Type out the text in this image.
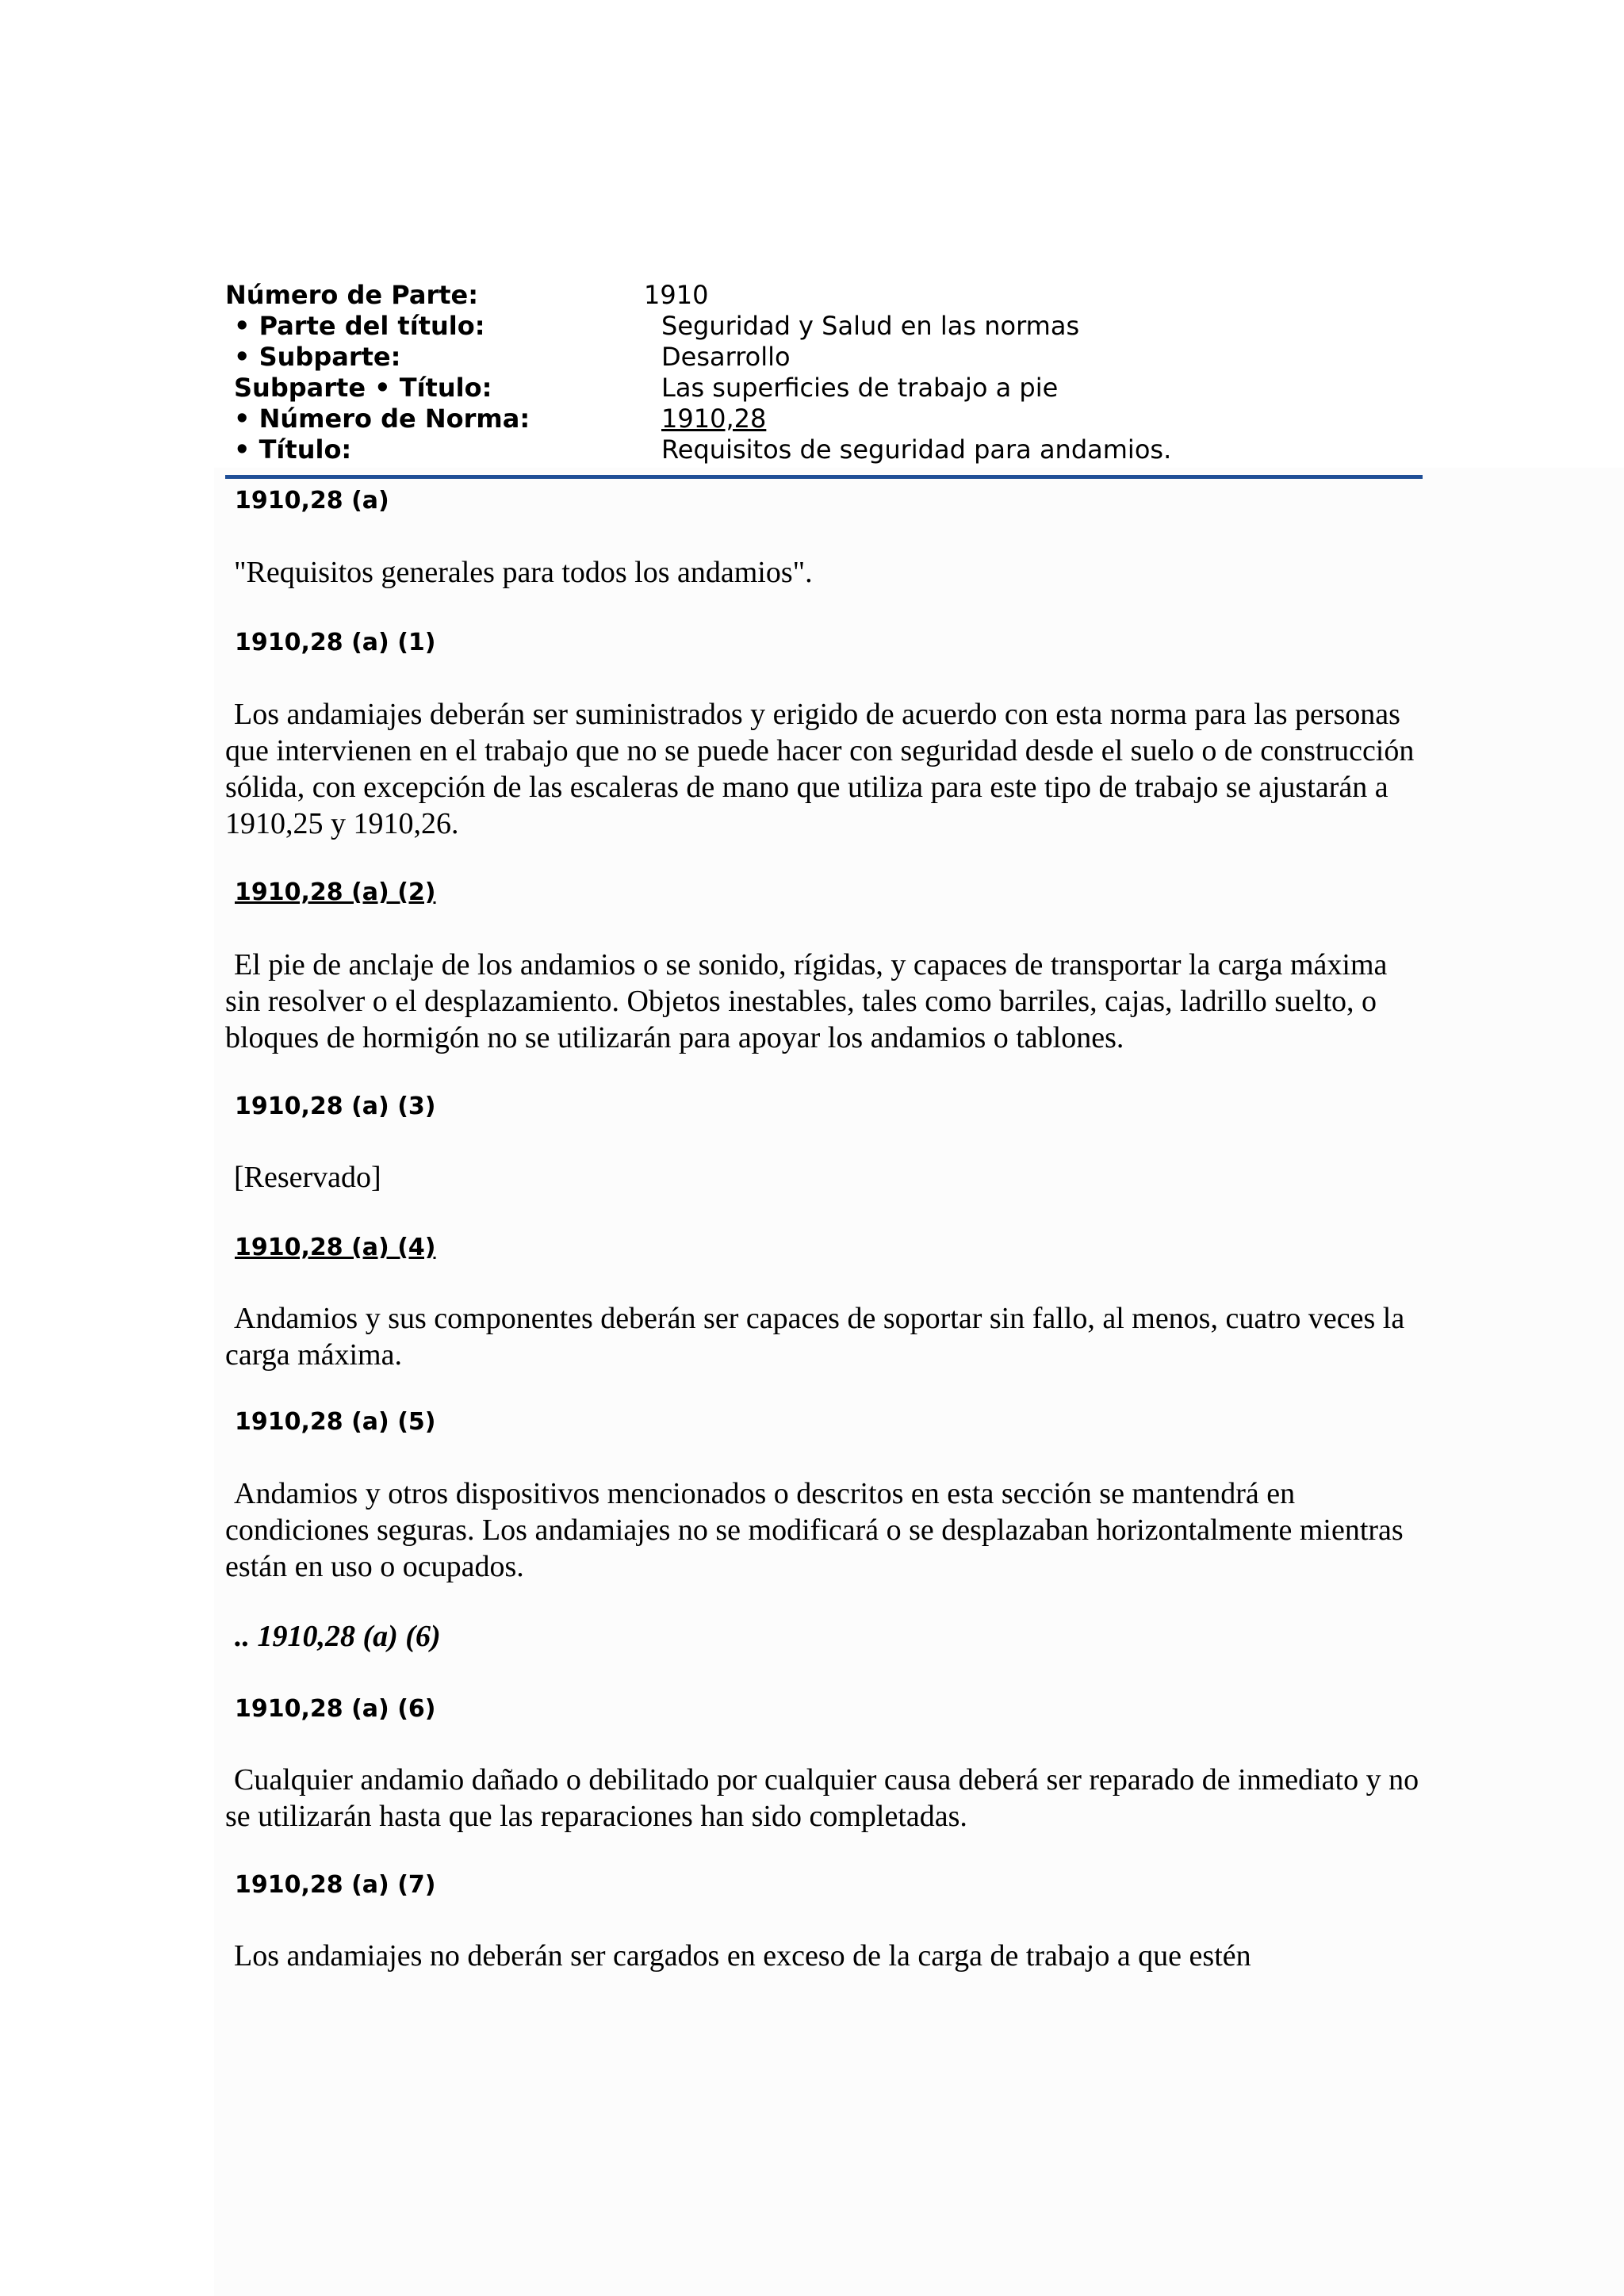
Número de Parte:	1910
• Parte del título:	Seguridad y Salud en las normas
• Subparte:	Desarrollo
Subparte • Título:	Las superficies de trabajo a pie
• Número de Norma:	1910,28
• Título:	Requisitos de seguridad para andamios.
1910,28 (a)

"Requisitos generales para todos los andamios".

1910,28 (a) (1)

Los andamiajes deberán ser suministrados y erigido de acuerdo con esta norma para las personas que intervienen en el trabajo que no se puede hacer con seguridad desde el suelo o de construcción sólida, con excepción de las escaleras de mano que utiliza para este tipo de trabajo se ajustarán a 1910,25 y 1910,26.

1910,28 (a) (2)

El pie de anclaje de los andamios o se sonido, rígidas, y capaces de transportar la carga máxima sin resolver o el desplazamiento. Objetos inestables, tales como barriles, cajas, ladrillo suelto, o bloques de hormigón no se utilizarán para apoyar los andamios o tablones.

1910,28 (a) (3)

[Reservado]

1910,28 (a) (4)

Andamios y sus componentes deberán ser capaces de soportar sin fallo, al menos, cuatro veces la carga máxima.

1910,28 (a) (5)

Andamios y otros dispositivos mencionados o descritos en esta sección se mantendrá en condiciones seguras. Los andamiajes no se modificará o se desplazaban horizontalmente mientras están en uso o ocupados.

.. 1910,28 (a) (6)
1910,28 (a) (6)

Cualquier andamio dañado o debilitado por cualquier causa deberá ser reparado de inmediato y no se utilizarán hasta que las reparaciones han sido completadas.

1910,28 (a) (7)

Los andamiajes no deberán ser cargados en exceso de la carga de trabajo a que estén
